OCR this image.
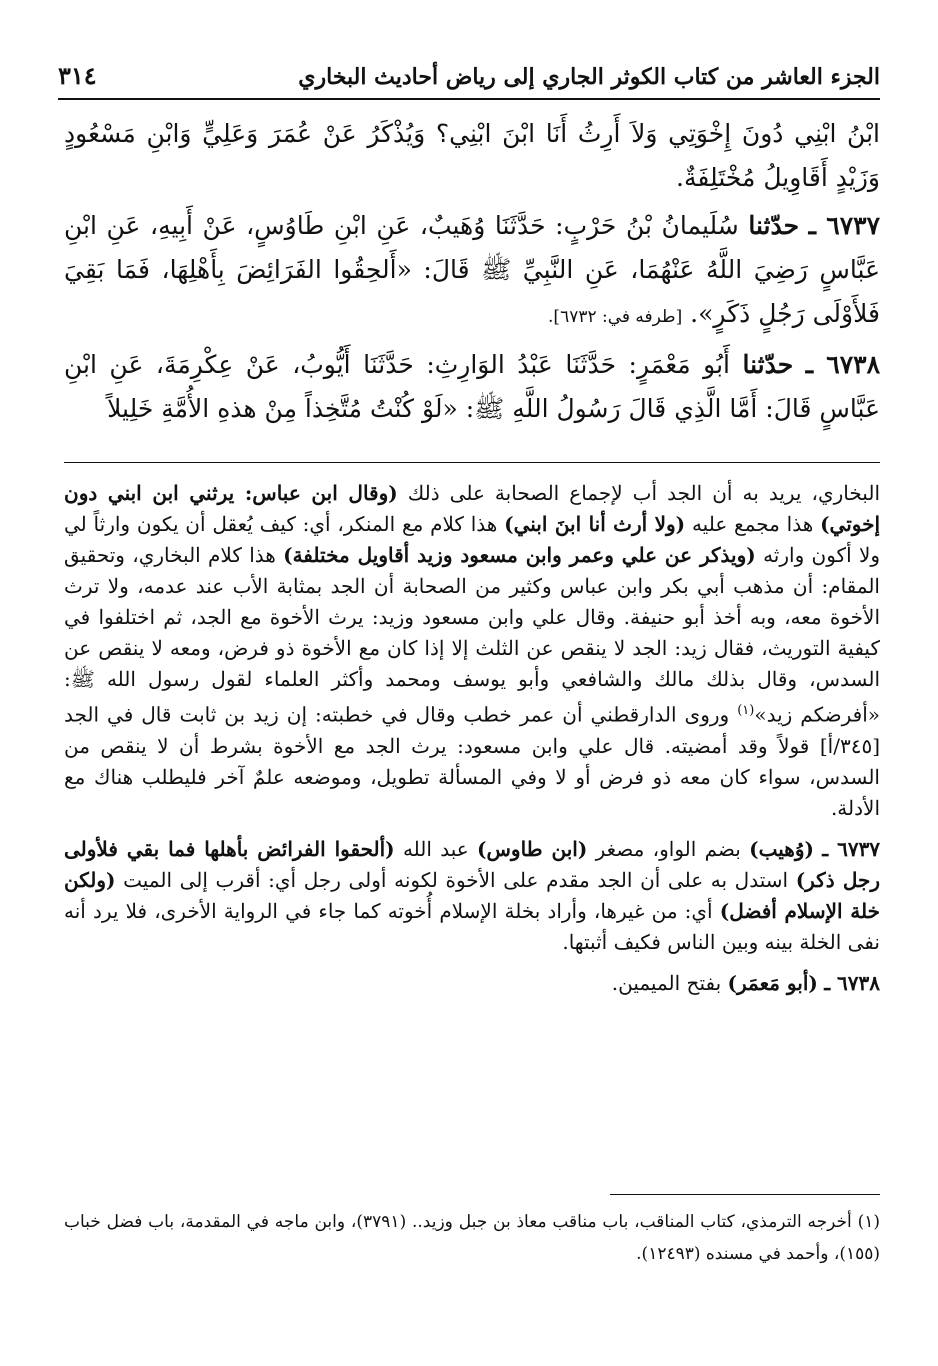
الجزء العاشر من كتاب الكوثر الجاري إلى رياض أحاديث البخاري
٣١٤

ابْنُ ابْنِي دُونَ إِخْوَتِي وَلاَ أَرِثُ أَنَا ابْنَ ابْنِي؟ وَيُذْكَرُ عَنْ عُمَرَ وَعَلِيٍّ وَابْنِ مَسْعُودٍ وَزَيْدٍ أَقَاوِيلُ مُخْتَلِفَةٌ.

٦٧٣٧ ـ حدّثنا سُلَيمانُ بْنُ حَرْبٍ: حَدَّثَنَا وُهَيبٌ، عَنِ ابْنِ طَاوُسٍ، عَنْ أَبِيهِ، عَنِ ابْنِ عَبَّاسٍ رَضِيَ اللَّهُ عَنْهُمَا، عَنِ النَّبِيِّ ﷺ قَالَ: «أَلحِقُوا الفَرَائِضَ بِأَهْلِهَا، فَمَا بَقِيَ فَلأَوْلَى رَجُلٍ ذَكَرٍ». [طرفه في: ٦٧٣٢].

٦٧٣٨ ـ حدّثنا أَبُو مَعْمَرٍ: حَدَّثَنَا عَبْدُ الوَارِثِ: حَدَّثَنَا أَيُّوبُ، عَنْ عِكْرِمَةَ، عَنِ ابْنِ عَبَّاسٍ قَالَ: أَمَّا الَّذِي قَالَ رَسُولُ اللَّهِ ﷺ: «لَوْ كُنْتُ مُتَّخِذاً مِنْ هذهِ الأُمَّةِ خَلِيلاً

البخاري، يريد به أن الجد أب لإجماع الصحابة على ذلك (وقال ابن عباس: يرثني ابن ابني دون إخوتي) هذا مجمع عليه (ولا أرث أنا ابنَ ابني) هذا كلام مع المنكر، أي: كيف يُعقل أن يكون وارثاً لي ولا أكون وارثه (ويذكر عن علي وعمر وابن مسعود وزيد أقاويل مختلفة) هذا كلام البخاري، وتحقيق المقام: أن مذهب أبي بكر وابن عباس وكثير من الصحابة أن الجد بمثابة الأب عند عدمه، ولا ترث الأخوة معه، وبه أخذ أبو حنيفة. وقال علي وابن مسعود وزيد: يرث الأخوة مع الجد، ثم اختلفوا في كيفية التوريث، فقال زيد: الجد لا ينقص عن الثلث إلا إذا كان مع الأخوة ذو فرض، ومعه لا ينقص عن السدس، وقال بذلك مالك والشافعي وأبو يوسف ومحمد وأكثر العلماء لقول رسول الله ﷺ: «أفرضكم زيد»$^{(١)}$ وروى الدارقطني أن عمر خطب وقال في خطبته: إن زيد بن ثابت قال في الجد [٣٤٥/أ] قولاً وقد أمضيته. قال علي وابن مسعود: يرث الجد مع الأخوة بشرط أن لا ينقص من السدس، سواء كان معه ذو فرض أو لا وفي المسألة تطويل، وموضعه علمٌ آخر فليطلب هناك مع الأدلة.

٦٧٣٧ ـ (وُهيب) بضم الواو، مصغر (ابن طاوس) عبد الله (ألحقوا الفرائض بأهلها فما بقي فلأولى رجل ذكر) استدل به على أن الجد مقدم على الأخوة لكونه أولى رجل أي: أقرب إلى الميت (ولكن خلة الإسلام أفضل) أي: من غيرها، وأراد بخلة الإسلام أُخوته كما جاء في الرواية الأخرى، فلا يرد أنه نفى الخلة بينه وبين الناس فكيف أثبتها.

٦٧٣٨ ـ (أبو مَعمَر) بفتح الميمين.

(١) أخرجه الترمذي، كتاب المناقب، باب مناقب معاذ بن جبل وزيد.. (٣٧٩١)، وابن ماجه في المقدمة، باب فضل خباب (١٥٥)، وأحمد في مسنده (١٢٤٩٣).
